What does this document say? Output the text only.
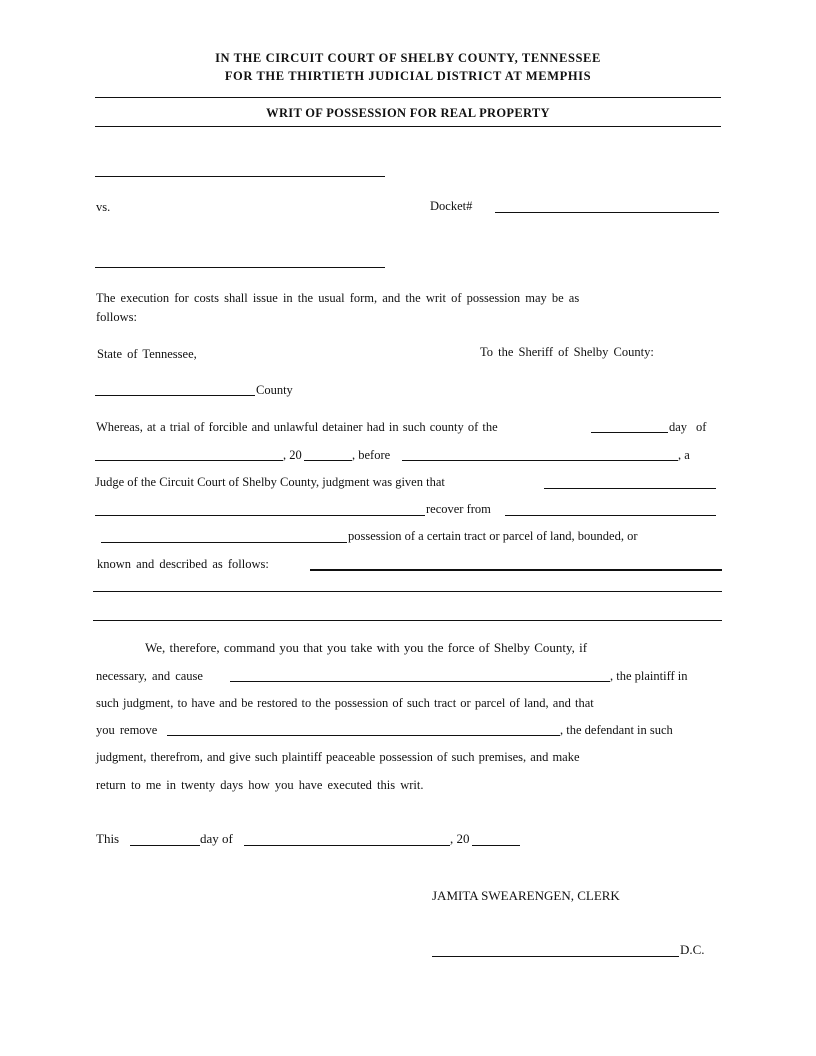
IN THE CIRCUIT COURT OF SHELBY COUNTY, TENNESSEE
FOR THE THIRTIETH JUDICIAL DISTRICT AT MEMPHIS
WRIT OF POSSESSION FOR REAL PROPERTY
vs.	Docket#
The execution for costs shall issue in the usual form, and the writ of possession may be as
follows:
State of Tennessee,	To the Sheriff of Shelby County:
County
Whereas, at a trial of forcible and unlawful detainer had in such county of the	day of
, 20	, before	, a
Judge of the Circuit Court of Shelby County, judgment was given that
recover from
possession of a certain tract or parcel of land, bounded, or
known and described as follows:
We, therefore, command you that you take with you the force of Shelby County, if
necessary, and cause	, the plaintiff in
such judgment, to have and be restored to the possession of such tract or parcel of land, and that
you remove	, the defendant in such
judgment, therefrom, and give such plaintiff peaceable possession of such premises, and make
return to me in twenty days how you have executed this writ.
This	day of	, 20
JAMITA SWEARENGEN, CLERK
D.C.
